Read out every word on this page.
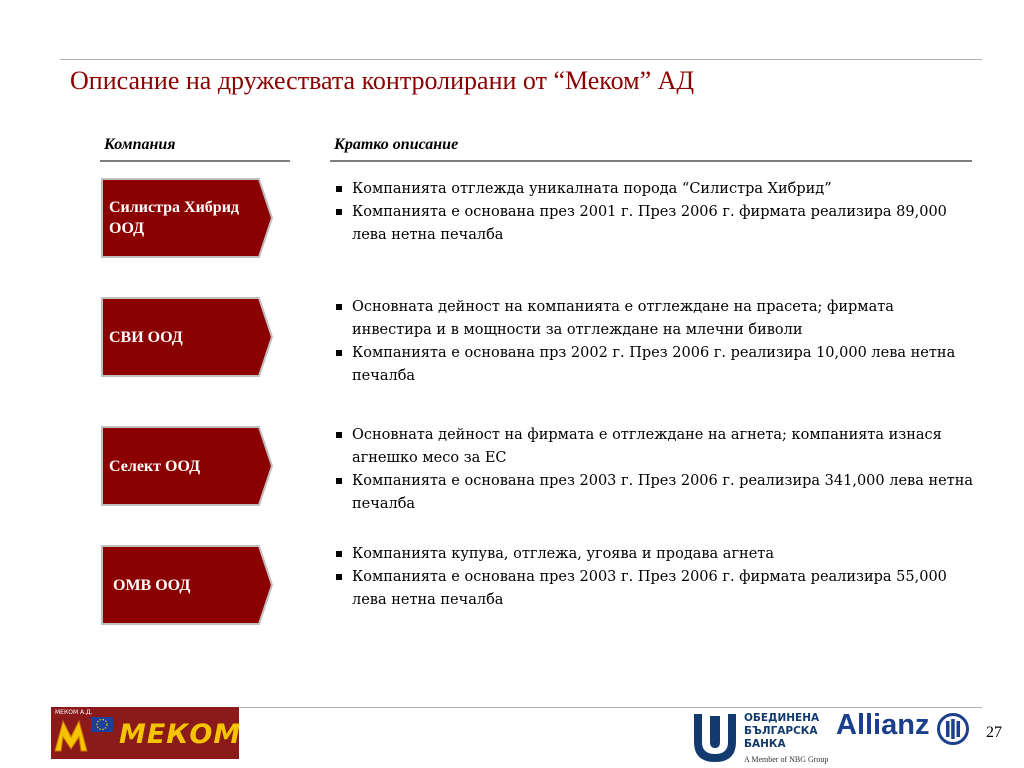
Описание на дружествата контролирани от “Меком” АД
Компания	Кратко описание
Силистра Хибрид ООД
Компанията отглежда уникалната порода “Силистра Хибрид”
Компанията е основана през 2001 г. През 2006 г. фирмата реализира 89,000 лева нетна печалба
СВИ ООД
Основната дейност на компанията е отглеждане на прасета; фирмата инвестира и в мощности за отглеждане на млечни биволи
Компанията е основана прз 2002 г. През 2006 г. реализира 10,000 лева нетна печалба
Селект ООД
Основната дейност на фирмата е отглеждане на агнета; компанията изнася агнешко месо за ЕС
Компанията е основана през 2003 г. През 2006 г. реализира 341,000 лева нетна печалба
ОМВ ООД
Компанията купува, отглежа, угоява и продава агнета
Компанията е основана през 2003 г. През 2006 г. фирмата реализира 55,000 лева нетна печалба
МЕКОМ А.Д.
МЕКОМ
ОБЕДИНЕНА
БЪЛГАРСКА
БАНКА
A Member of NBG Group
Allianz	27
